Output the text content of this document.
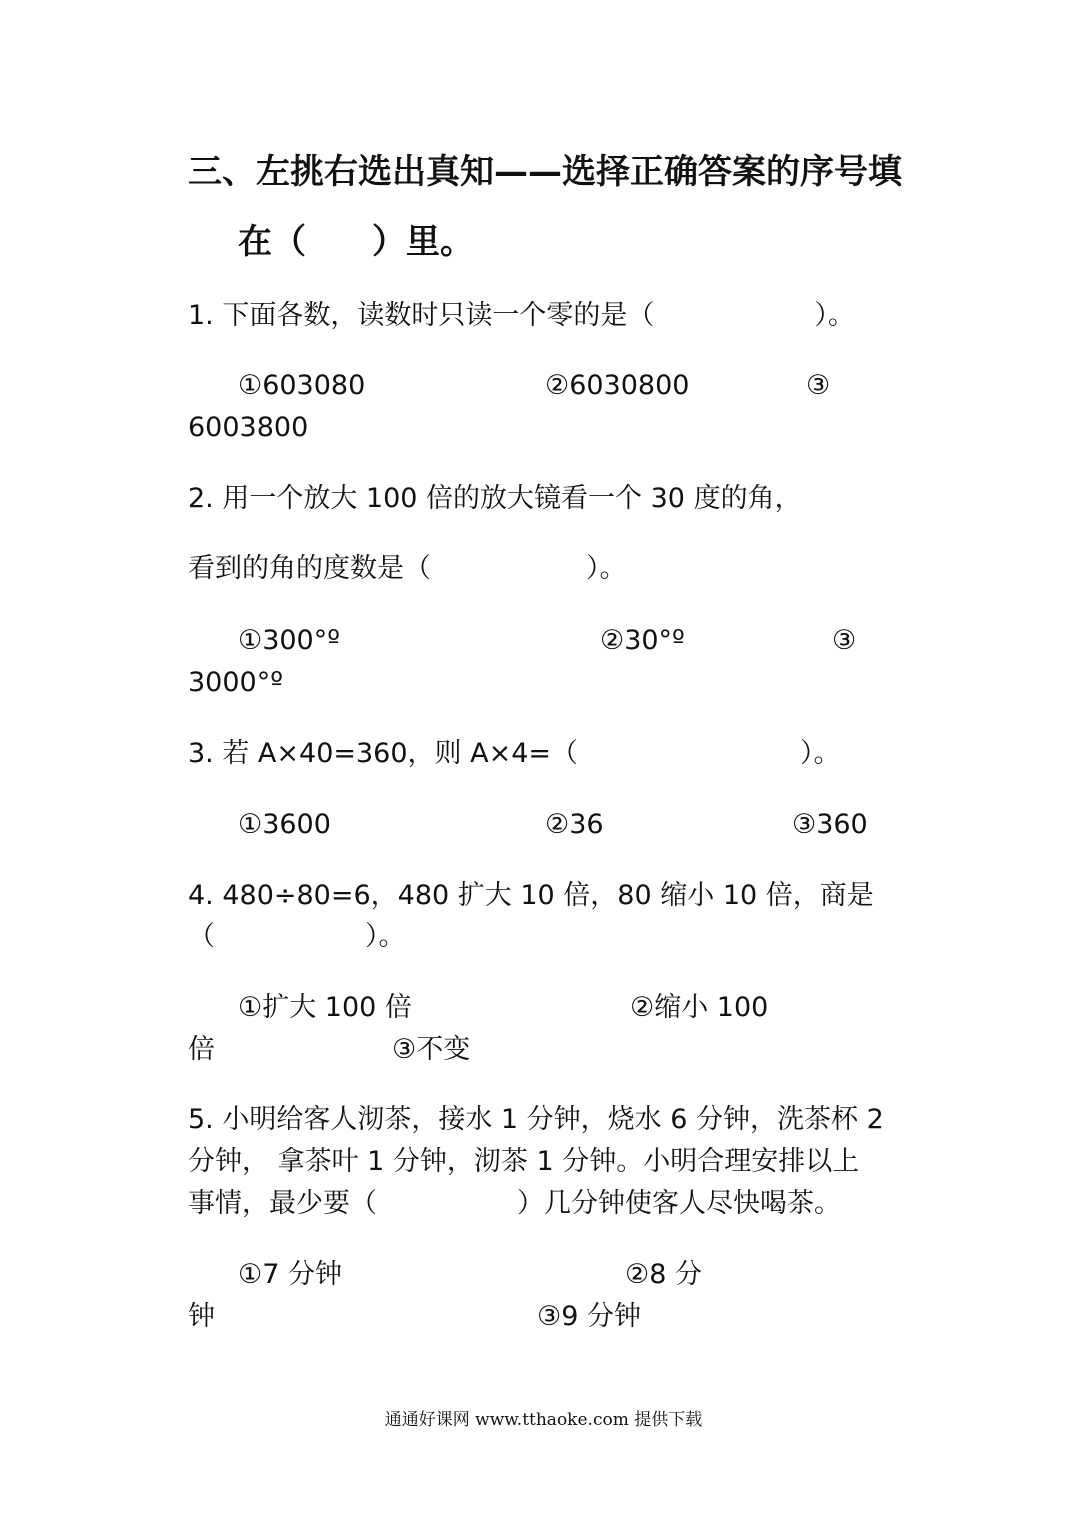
三、左挑右选出真知——选择正确答案的序号填
在（ ）里。
1. 下面各数，读数时只读一个零的是（	）。
①603080	②6030800	③
6003800
2. 用一个放大 100 倍的放大镜看一个 30 度的角，
看到的角的度数是（	）。
①300°º	②30°º	③
3000°º
3. 若 A×40=360，则 A×4=（	）。
①3600	②36	③360
4. 480÷80=6，480 扩大 10 倍，80 缩小 10 倍，商是
（	）。
①扩大 100 倍	②缩小 100
倍	③不变
5. 小明给客人沏茶，接水 1 分钟，烧水 6 分钟，洗茶杯 2
分钟， 拿茶叶 1 分钟，沏茶 1 分钟。小明合理安排以上
事情，最少要（	）几分钟使客人尽快喝茶。
①7 分钟	②8 分
钟	③9 分钟
通通好课网 www.tthaoke.com 提供下载
